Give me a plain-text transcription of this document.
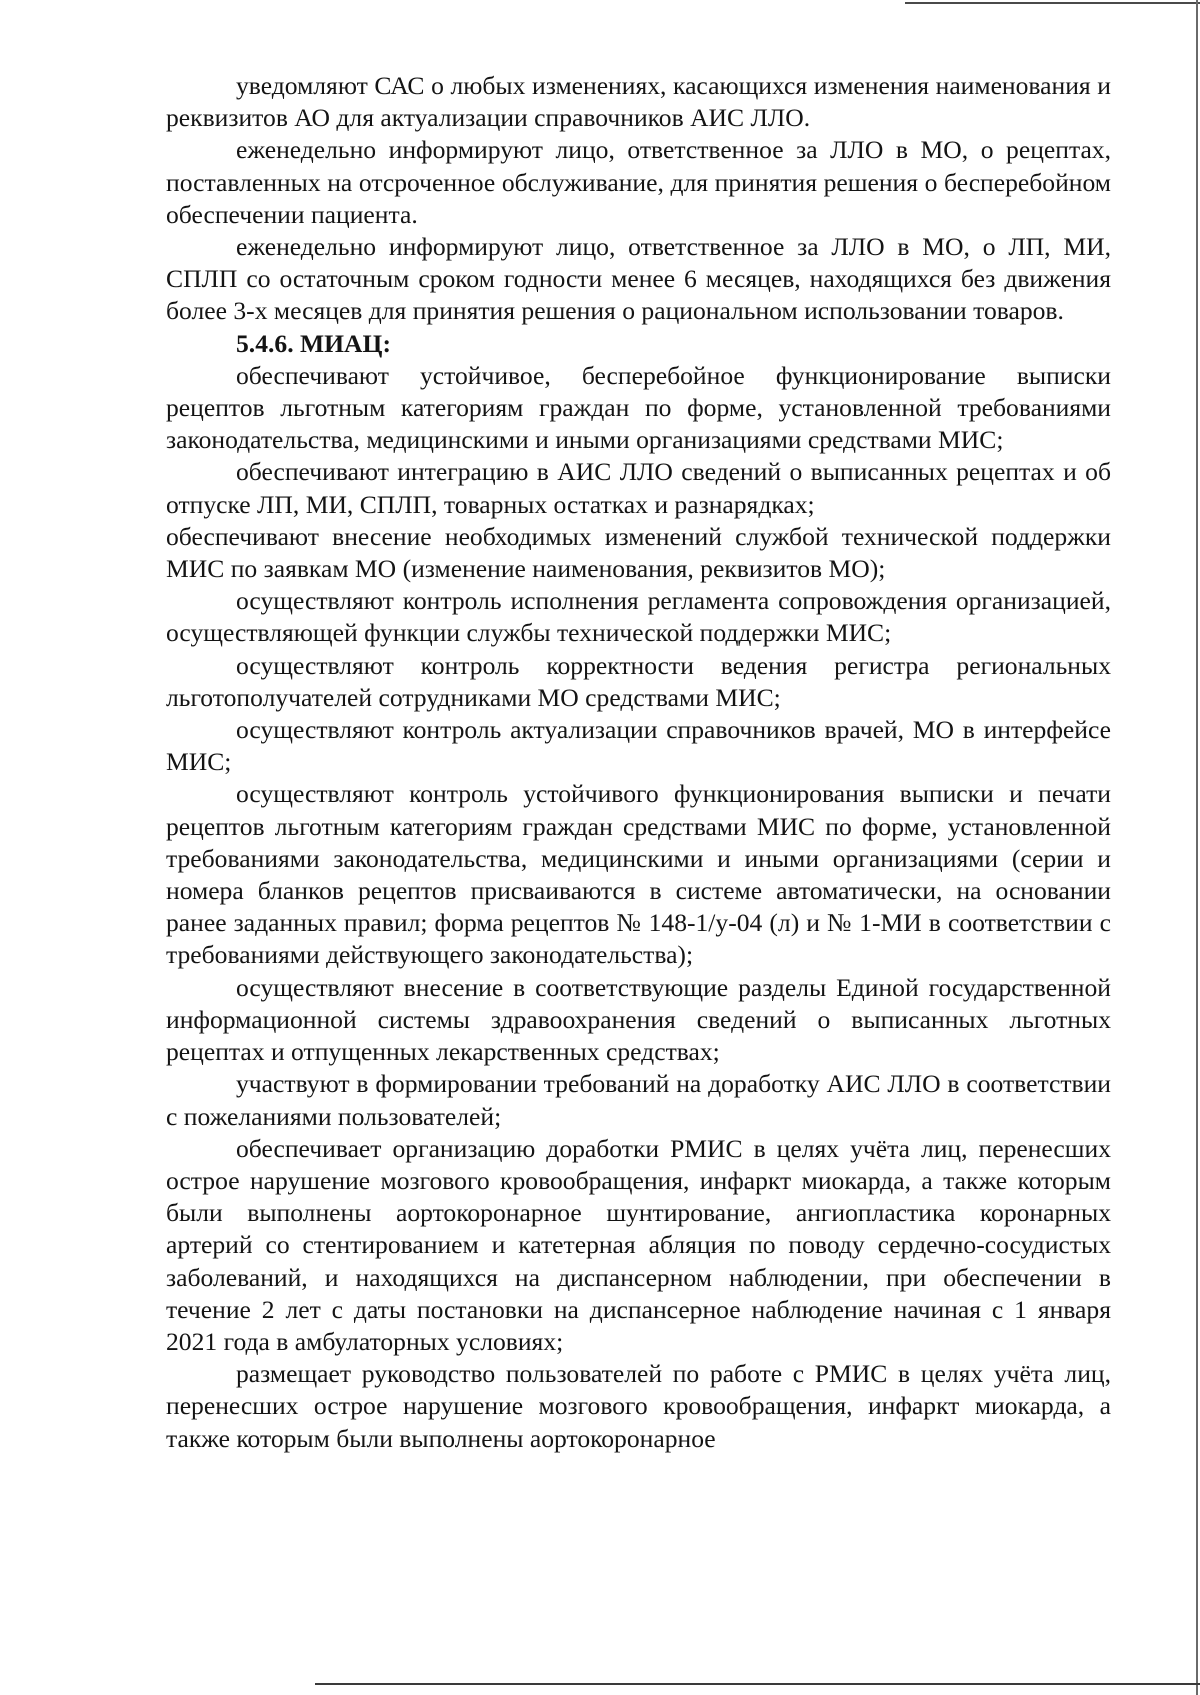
уведомляют САС о любых изменениях, касающихся изменения наименования и реквизитов АО для актуализации справочников АИС ЛЛО.

еженедельно информируют лицо, ответственное за ЛЛО в МО, о рецептах, поставленных на отсроченное обслуживание, для принятия решения о бесперебойном обеспечении пациента.

еженедельно информируют лицо, ответственное за ЛЛО в МО, о ЛП, МИ, СПЛП со остаточным сроком годности менее 6 месяцев, находящихся без движения более 3-х месяцев для принятия решения о рациональном использовании товаров.

5.4.6. МИАЦ:

обеспечивают устойчивое, бесперебойное функционирование выписки рецептов льготным категориям граждан по форме, установленной требованиями законодательства, медицинскими и иными организациями средствами МИС;

обеспечивают интеграцию в АИС ЛЛО сведений о выписанных рецептах и об отпуске ЛП, МИ, СПЛП, товарных остатках и разнарядках;

обеспечивают внесение необходимых изменений службой технической поддержки МИС по заявкам МО (изменение наименования, реквизитов МО);

осуществляют контроль исполнения регламента сопровождения организацией, осуществляющей функции службы технической поддержки МИС;

осуществляют контроль корректности ведения регистра региональных льготополучателей сотрудниками МО средствами МИС;

осуществляют контроль актуализации справочников врачей, МО в интерфейсе МИС;

осуществляют контроль устойчивого функционирования выписки и печати рецептов льготным категориям граждан средствами МИС по форме, установленной требованиями законодательства, медицинскими и иными организациями (серии и номера бланков рецептов присваиваются в системе автоматически, на основании ранее заданных правил; форма рецептов № 148-1/у-04 (л) и № 1-МИ в соответствии с требованиями действующего законодательства);

осуществляют внесение в соответствующие разделы Единой государственной информационной системы здравоохранения сведений о выписанных льготных рецептах и отпущенных лекарственных средствах;

участвуют в формировании требований на доработку АИС ЛЛО в соответствии с пожеланиями пользователей;

обеспечивает организацию доработки РМИС в целях учёта лиц, перенесших острое нарушение мозгового кровообращения, инфаркт миокарда, а также которым были выполнены аортокоронарное шунтирование, ангиопластика коронарных артерий со стентированием и катетерная абляция по поводу сердечно-сосудистых заболеваний, и находящихся на диспансерном наблюдении, при обеспечении в течение 2 лет с даты постановки на диспансерное наблюдение начиная с 1 января 2021 года в амбулаторных условиях;

размещает руководство пользователей по работе с РМИС в целях учёта лиц, перенесших острое нарушение мозгового кровообращения, инфаркт миокарда, а также которым были выполнены аортокоронарное
